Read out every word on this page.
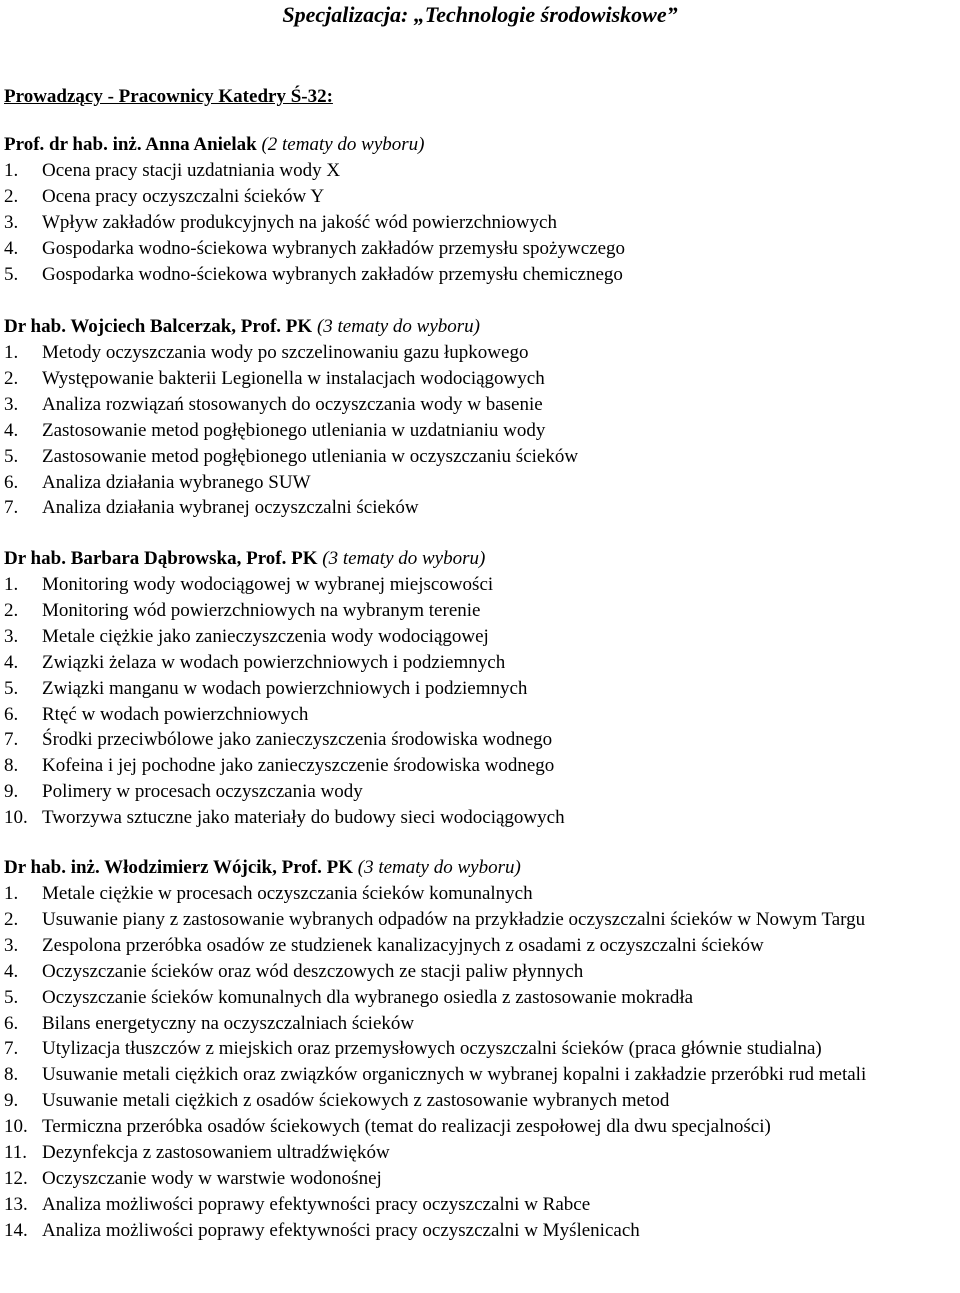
Specjalizacja: „Technologie środowiskowe”
Prowadzący - Pracownicy Katedry Ś-32:
Prof. dr hab. inż. Anna Anielak (2 tematy do wyboru)
1.	Ocena pracy stacji uzdatniania wody X
2.	Ocena pracy oczyszczalni ścieków Y
3.	Wpływ zakładów produkcyjnych na jakość wód powierzchniowych
4.	Gospodarka wodno-ściekowa wybranych zakładów przemysłu spożywczego
5.	Gospodarka wodno-ściekowa wybranych zakładów przemysłu chemicznego
Dr hab. Wojciech Balcerzak, Prof. PK (3 tematy do wyboru)
1.	Metody oczyszczania wody po szczelinowaniu gazu łupkowego
2.	Występowanie bakterii Legionella w instalacjach wodociągowych
3.	Analiza rozwiązań stosowanych do oczyszczania wody w basenie
4.	Zastosowanie metod pogłębionego utleniania w uzdatnianiu wody
5.	Zastosowanie metod pogłębionego utleniania w oczyszczaniu ścieków
6.	Analiza działania wybranego SUW
7.	Analiza działania wybranej oczyszczalni ścieków
Dr hab. Barbara Dąbrowska, Prof. PK (3 tematy do wyboru)
1.	Monitoring wody wodociągowej w wybranej miejscowości
2.	Monitoring wód powierzchniowych na wybranym terenie
3.	Metale ciężkie jako zanieczyszczenia wody wodociągowej
4.	Związki żelaza w wodach powierzchniowych i podziemnych
5.	Związki manganu w wodach powierzchniowych i podziemnych
6.	Rtęć w wodach powierzchniowych
7.	Środki przeciwbólowe jako zanieczyszczenia środowiska wodnego
8.	Kofeina i jej pochodne jako zanieczyszczenie środowiska wodnego
9.	Polimery w procesach oczyszczania wody
10. Tworzywa sztuczne jako materiały do budowy sieci wodociągowych
Dr hab. inż. Włodzimierz Wójcik, Prof. PK (3 tematy do wyboru)
1.	Metale ciężkie w procesach oczyszczania ścieków komunalnych
2.	Usuwanie piany z zastosowanie wybranych odpadów na przykładzie oczyszczalni ścieków w Nowym Targu
3.	Zespolona przeróbka osadów ze studzienek kanalizacyjnych z osadami z oczyszczalni ścieków
4.	Oczyszczanie ścieków oraz wód deszczowych ze stacji paliw płynnych
5.	Oczyszczanie ścieków komunalnych dla wybranego osiedla z zastosowanie mokradła
6.	Bilans energetyczny na oczyszczalniach ścieków
7.	Utylizacja tłuszczów z miejskich oraz przemysłowych oczyszczalni ścieków (praca głównie studialna)
8.	Usuwanie metali ciężkich oraz związków organicznych w wybranej kopalni i zakładzie przeróbki rud metali
9.	Usuwanie metali ciężkich z osadów ściekowych z zastosowanie wybranych metod
10. Termiczna przeróbka osadów ściekowych (temat do realizacji zespołowej dla dwu specjalności)
11. Dezynfekcja z zastosowaniem ultradźwięków
12. Oczyszczanie wody w warstwie wodonośnej
13. Analiza możliwości poprawy efektywności pracy oczyszczalni w Rabce
14. Analiza możliwości poprawy efektywności pracy oczyszczalni w Myślenicach
